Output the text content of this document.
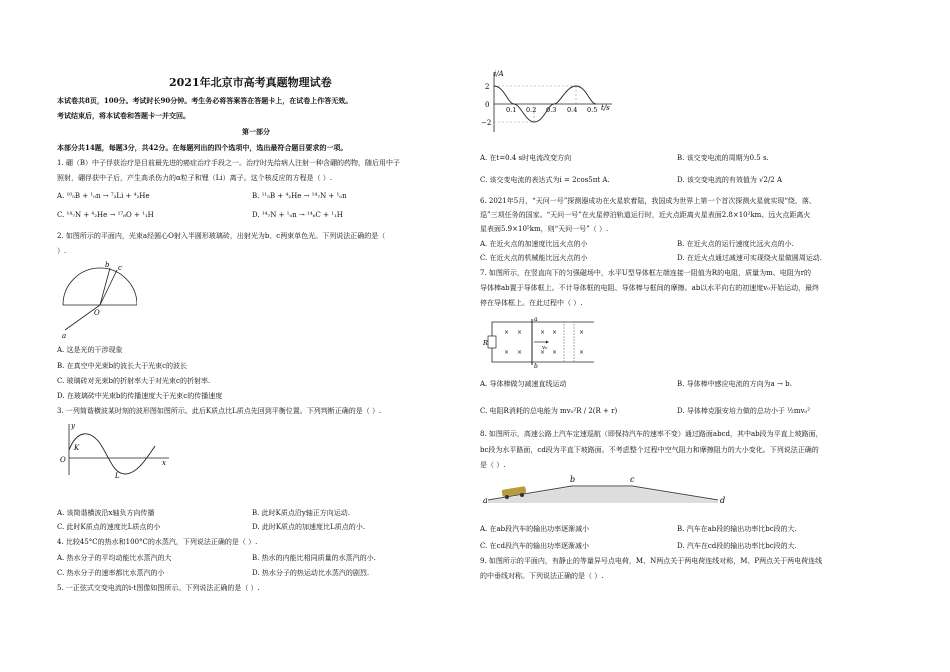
2021年北京市高考真题物理试卷
本试卷共8页，100分。考试时长90分钟。考生务必将答案答在答题卡上，在试卷上作答无效。
考试结束后，将本试卷和答题卡一并交回。
第一部分
本部分共14题，每题3分，共42分。在每题列出的四个选项中，选出最符合题目要求的一项。
1. 硼（B）中子俘获治疗是目前最先进的癌症治疗手段之一。治疗时先给病人注射一种含硼的药物，随后用中子
照射，硼俘获中子后，产生高杀伤力的α粒子和锂（Li）离子。这个核反应的方程是（ ）.
A. ¹⁰₅B + ¹₀n → ⁷₃Li + ⁴₂He	B. ¹¹₅B + ⁴₂He → ¹⁴₇N + ¹₀n
C. ¹⁴₇N + ⁴₂He → ¹⁷₈O + ¹₁H	D. ¹⁴₇N + ¹₀n → ¹⁴₆C + ¹₁H
2. 如图所示的平面内，光束a经圆心O射入半圆形玻璃砖，出射光为b、c两束单色光。下列说法正确的是（
）.
a
b c
O
A. 这是光的干涉现象
B. 在真空中光束b的波长大于光束c的波长
C. 玻璃砖对光束b的折射率大于对光束c的折射率.
D. 在玻璃砖中光束b的传播速度大于光束c的传播速度
3. 一列简谐横波某时刻的波形图如图所示。此后K质点比L质点先回到平衡位置。下列判断正确的是（ ）.
y
x
O
K
L
A. 该简谐横波沿x轴负方向传播	B. 此时K质点沿y轴正方向运动.
C. 此时K质点的速度比L质点的小	D. 此时K质点的加速度比L质点的小.
4. 比较45°C的热水和100°C的水蒸汽，下列说法正确的是（ ）.
A. 热水分子的平均动能比水蒸汽的大	B. 热水的内能比相同质量的水蒸汽的小.
C. 热水分子的速率都比水蒸汽的小	D. 热水分子的热运动比水蒸汽的剧烈.
5. 一正弦式交变电流的i-t图像如图所示。下列说法正确的是（ ）.
i/A
t/s
2
0
−2
0.1 0.2 0.3 0.4 0.5
A. 在t=0.4 s时电流改变方向	B. 该交变电流的周期为0.5 s.
C. 该交变电流的表达式为i = 2cos5πt A.	D. 该交变电流的有效值为 √2/2 A
6. 2021年5月，“天问一号”探测器成功在火星软着陆，我国成为世界上第一个首次探测火星就实现“绕、落、
巡”三项任务的国家。“天问一号”在火星停泊轨道运行时，近火点距离火星表面2.8×10²km、远火点距离火
星表面5.9×10⁵km，则“天问一号”（ ）.
A. 在近火点的加速度比远火点的小	B. 在近火点的运行速度比远火点的小.
C. 在近火点的机械能比远火点的小	D. 在近火点通过减速可实现绕火星做圆周运动.
7. 如图所示，在竖直向下的匀强磁场中，水平U型导体框左端连接一阻值为R的电阻，质量为m、电阻为r的
导体棒ab置于导体框上。不计导体框的电阻、导体棒与框间的摩擦。ab以水平向右的初速度v₀开始运动，最终
停在导体框上。在此过程中（ ）.
× ×	× ×
× ×	× ×
×
×
R
a
b
v₀
A. 导体棒做匀减速直线运动	B. 导体棒中感应电流的方向为a → b.
C. 电阻R消耗的总电能为 mv₀²R / 2(R + r)	D. 导体棒克服安培力做的总功小于 ½mv₀²
8. 如图所示，高速公路上汽车定速巡航（即保持汽车的速率不变）通过路面abcd，其中ab段为平直上坡路面，
bc段为水平路面，cd段为平直下坡路面。不考虑整个过程中空气阻力和摩擦阻力的大小变化。下列说法正确的
是（ ）.
a
b	c
d
A. 在ab段汽车的输出功率逐渐减小	B. 汽车在ab段的输出功率比bc段的大.
C. 在cd段汽车的输出功率逐渐减小	D. 汽车在cd段的输出功率比bc段的大.
9. 如图所示的平面内，有静止的等量异号点电荷，M、N两点关于两电荷连线对称，M、P两点关于两电荷连线
的中垂线对称。下列说法正确的是（ ）.
